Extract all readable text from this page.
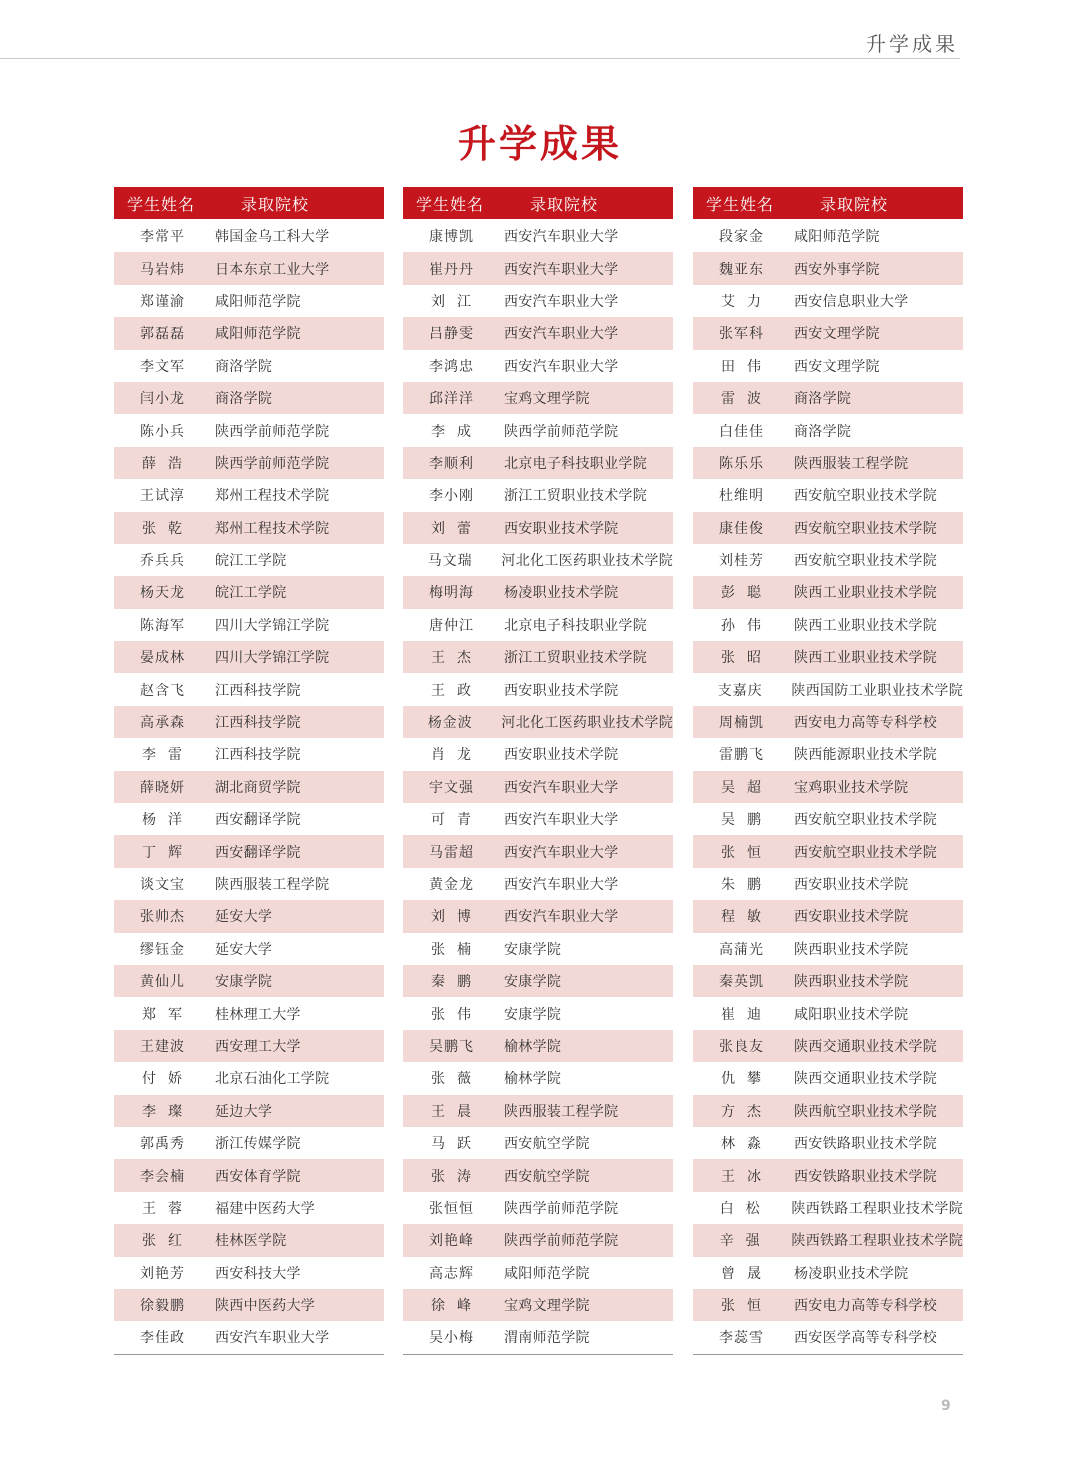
升学成果
升学成果
学生姓名	录取院校
李常平	韩国金乌工科大学
马岩炜	日本东京工业大学
郑谨渝	咸阳师范学院
郭磊磊	咸阳师范学院
李文军	商洛学院
闫小龙	商洛学院
陈小兵	陕西学前师范学院
薛  浩	陕西学前师范学院
王试淳	郑州工程技术学院
张  乾	郑州工程技术学院
乔兵兵	皖江工学院
杨天龙	皖江工学院
陈海军	四川大学锦江学院
晏成林	四川大学锦江学院
赵含飞	江西科技学院
高承森	江西科技学院
李  雷	江西科技学院
薛晓妍	湖北商贸学院
杨  洋	西安翻译学院
丁  辉	西安翻译学院
谈文宝	陕西服装工程学院
张帅杰	延安大学
缪钰金	延安大学
黄仙儿	安康学院
郑  军	桂林理工大学
王建波	西安理工大学
付  娇	北京石油化工学院
李  璨	延边大学
郭禹秀	浙江传媒学院
李会楠	西安体育学院
王  蓉	福建中医药大学
张  红	桂林医学院
刘艳芳	西安科技大学
徐毅鹏	陕西中医药大学
李佳政	西安汽车职业大学
学生姓名	录取院校
康博凯	西安汽车职业大学
崔丹丹	西安汽车职业大学
刘  江	西安汽车职业大学
吕静雯	西安汽车职业大学
李鸿忠	西安汽车职业大学
邱洋洋	宝鸡文理学院
李  成	陕西学前师范学院
李顺利	北京电子科技职业学院
李小刚	浙江工贸职业技术学院
刘  蕾	西安职业技术学院
马文瑞	河北化工医药职业技术学院
梅明海	杨凌职业技术学院
唐仲江	北京电子科技职业学院
王  杰	浙江工贸职业技术学院
王  政	西安职业技术学院
杨金波	河北化工医药职业技术学院
肖  龙	西安职业技术学院
宇文强	西安汽车职业大学
可  青	西安汽车职业大学
马雷超	西安汽车职业大学
黄金龙	西安汽车职业大学
刘  博	西安汽车职业大学
张  楠	安康学院
秦  鹏	安康学院
张  伟	安康学院
吴鹏飞	榆林学院
张  薇	榆林学院
王  晨	陕西服装工程学院
马  跃	西安航空学院
张  涛	西安航空学院
张恒恒	陕西学前师范学院
刘艳峰	陕西学前师范学院
高志辉	咸阳师范学院
徐  峰	宝鸡文理学院
吴小梅	渭南师范学院
学生姓名	录取院校
段家金	咸阳师范学院
魏亚东	西安外事学院
艾  力	西安信息职业大学
张军科	西安文理学院
田  伟	西安文理学院
雷  波	商洛学院
白佳佳	商洛学院
陈乐乐	陕西服装工程学院
杜维明	西安航空职业技术学院
康佳俊	西安航空职业技术学院
刘桂芳	西安航空职业技术学院
彭  聪	陕西工业职业技术学院
孙  伟	陕西工业职业技术学院
张  昭	陕西工业职业技术学院
支嘉庆	陕西国防工业职业技术学院
周楠凯	西安电力高等专科学校
雷鹏飞	陕西能源职业技术学院
吴  超	宝鸡职业技术学院
吴  鹏	西安航空职业技术学院
张  恒	西安航空职业技术学院
朱  鹏	西安职业技术学院
程  敏	西安职业技术学院
高蒲光	陕西职业技术学院
秦英凯	陕西职业技术学院
崔  迪	咸阳职业技术学院
张良友	陕西交通职业技术学院
仇  攀	陕西交通职业技术学院
方  杰	陕西航空职业技术学院
林  淼	西安铁路职业技术学院
王  冰	西安铁路职业技术学院
白  松	陕西铁路工程职业技术学院
辛  强	陕西铁路工程职业技术学院
曾  晟	杨凌职业技术学院
张  恒	西安电力高等专科学校
李蕊雪	西安医学高等专科学校
9
